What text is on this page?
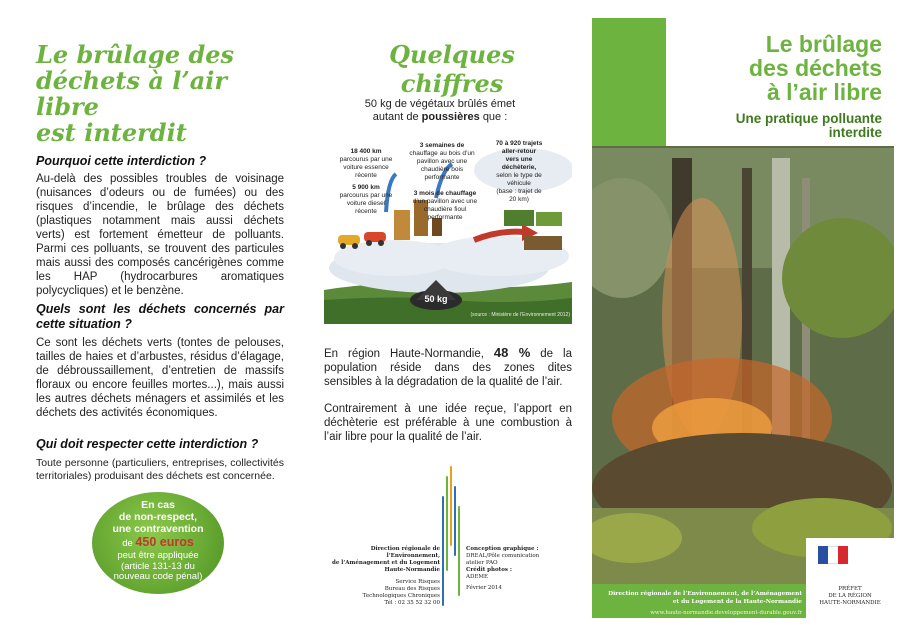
Le brûlage des
déchets à l’air libre
est interdit
Pourquoi cette interdiction ?
Au-delà des possibles troubles de voisinage (nuisances d’odeurs ou de fumées) ou des risques d’incendie, le brûlage des déchets (plastiques notamment mais aussi déchets verts) est fortement émetteur de polluants. Parmi ces polluants, se trouvent des particules mais aussi des composés cancérigènes comme les HAP (hydrocarbures aromatiques polycycliques) et le benzène.
Quels sont les déchets concernés par cette situation ?
Ce sont les déchets verts (tontes de pelouses, tailles de haies et d’arbustes, résidus d’élagage, de débroussaillement, d’entretien de massifs floraux ou encore feuilles mortes...), mais aussi les autres déchets ménagers et assimilés et les déchets des activités économiques.
Qui doit respecter cette interdiction ?
Toute personne (particuliers, entreprises, collectivités territoriales) produisant des déchets est concernée.
En cas
de non-respect,
une contravention
de 450 euros
peut être appliquée
(article 131-13 du
nouveau code pénal)
Quelques chiffres
50 kg de végétaux brûlés émet
autant de poussières que :
18 400 km
parcourus par une
voiture essence
récente
5 900 km
parcourus par une
voiture diesel
récente
3 semaines de
chauffage au bois d’un
pavillon avec une
chaudière bois
performante
3 mois de chauffage
d’un pavillon avec une
chaudière fioul
performante
70 à 920 trajets
aller-retour
vers une
déchèterie,
selon le type de
véhicule
(base : trajet de
20 km)
50 kg
(source : Ministère de l’Environnement 2012)
En région Haute-Normandie, 48 % de la population réside dans des zones dites sensibles à la dégradation de la qualité de l’air.
Contrairement à une idée reçue, l’apport en déchèterie est préférable à une combustion à l’air libre pour la qualité de l’air.
Direction régionale de l’Environnement,
de l’Aménagement et du Logement
Haute-Normandie
Service Risques
Bureau des Risques
Technologiques Chroniques
Tél : 02 35 52 32 00
Conception graphique :
DREAL/Pôle comunication
atelier PAO
Crédit photos :
ADEME
Février 2014
Le brûlage
des déchets
à l’air libre
Une pratique polluante
interdite
Direction régionale de l’Environnement, de l’Aménagement
et du Logement de la Haute-Normandie
www.haute-normandie.developpement-durable.gouv.fr
PRÉFET
DE LA RÉGION
HAUTE-NORMANDIE
